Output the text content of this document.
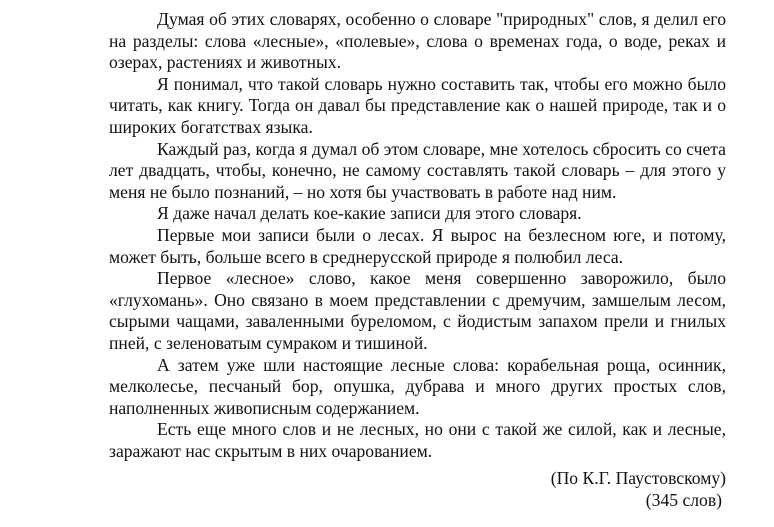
Думая об этих словарях, особенно о словаре "природных" слов, я делил его на разделы: слова «лесные», «полевые», слова о временах года, о воде, реках и озерах, растениях и животных.

Я понимал, что такой словарь нужно составить так, чтобы его можно было читать, как книгу. Тогда он давал бы представление как о нашей природе, так и о широких богатствах языка.

Каждый раз, когда я думал об этом словаре, мне хотелось сбросить со счета лет двадцать, чтобы, конечно, не самому составлять такой словарь – для этого у меня не было познаний, – но хотя бы участвовать в работе над ним.

Я даже начал делать кое-какие записи для этого словаря.

Первые мои записи были о лесах. Я вырос на безлесном юге, и потому, может быть, больше всего в среднерусской природе я полюбил леса.

Первое «лесное» слово, какое меня совершенно заворожило, было «глухомань». Оно связано в моем представлении с дремучим, замшелым лесом, сырыми чащами, заваленными буреломом, с йодистым запахом прели и гнилых пней, с зеленоватым сумраком и тишиной.

А затем уже шли настоящие лесные слова: корабельная роща, осинник, мелколесье, песчаный бор, опушка, дубрава и много других простых слов, наполненных живописным содержанием.

Есть еще много слов и не лесных, но они с такой же силой, как и лесные, заражают нас скрытым в них очарованием.

(По К.Г. Паустовскому)
(345 слов)
